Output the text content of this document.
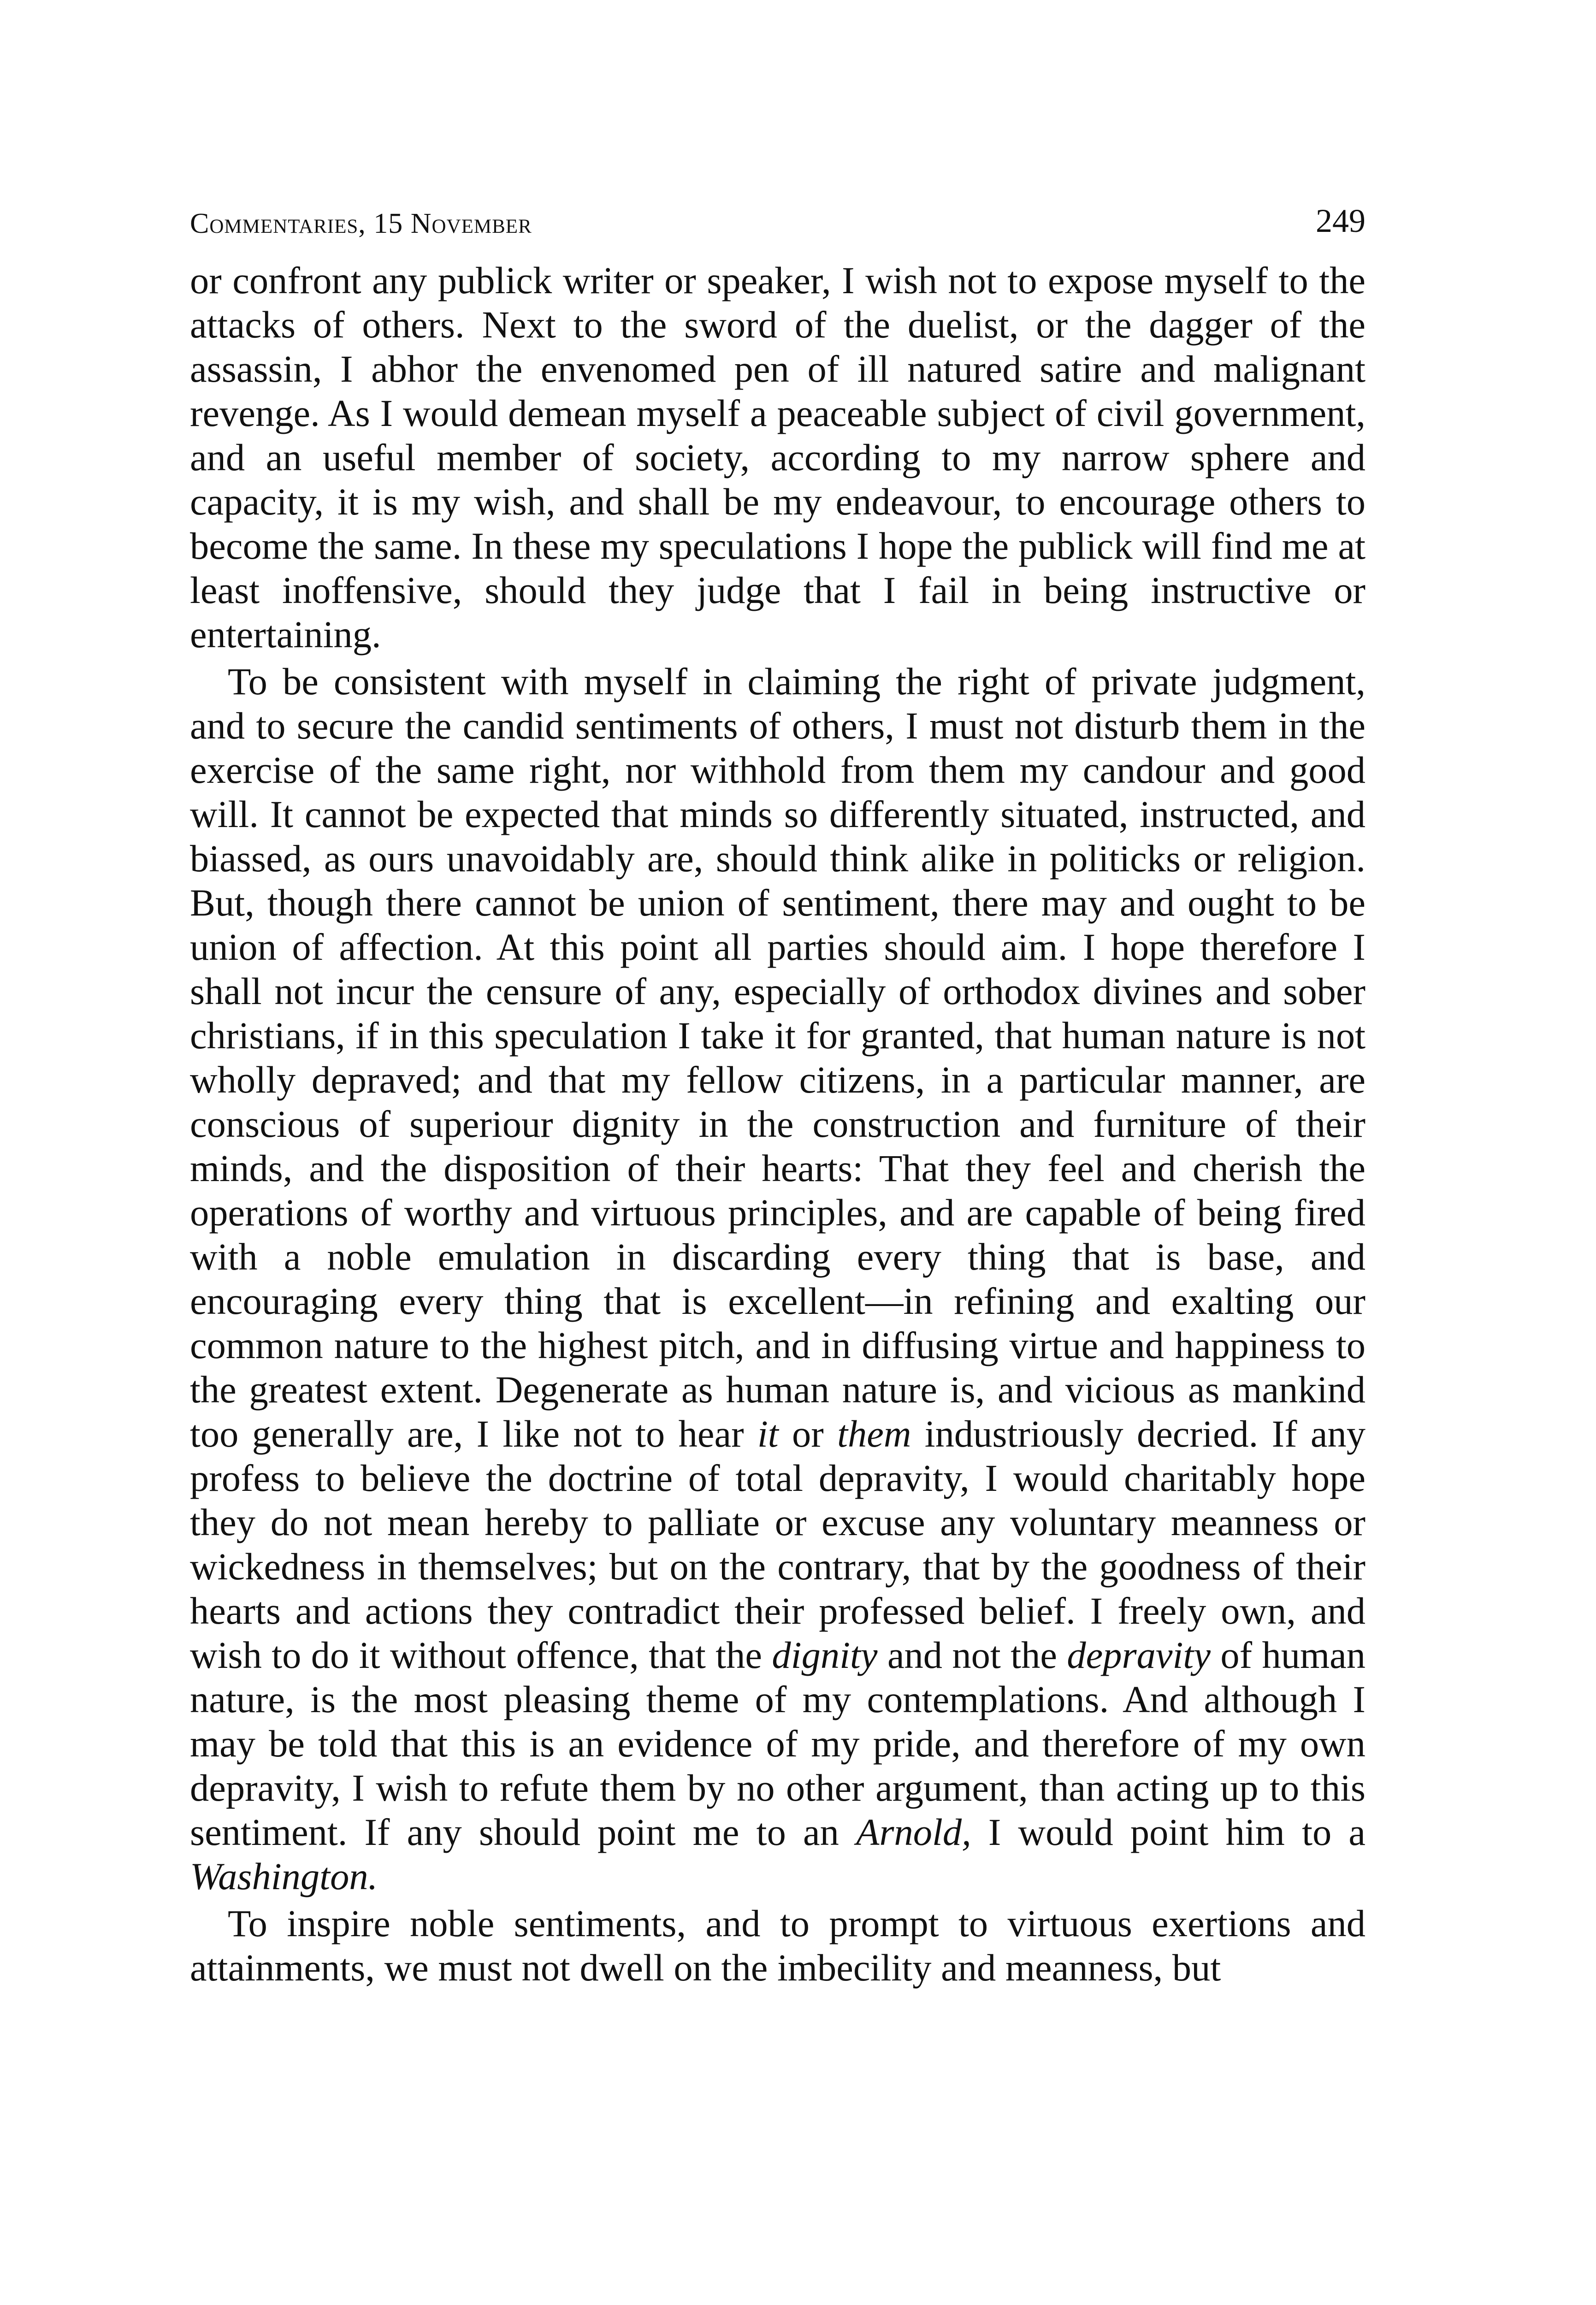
Commentaries, 15 November	249

or confront any publick writer or speaker, I wish not to expose myself to the attacks of others. Next to the sword of the duelist, or the dagger of the assassin, I abhor the envenomed pen of ill natured satire and malignant revenge. As I would demean myself a peaceable subject of civil government, and an useful member of society, according to my narrow sphere and capacity, it is my wish, and shall be my endeavour, to encourage others to become the same. In these my speculations I hope the publick will find me at least inoffensive, should they judge that I fail in being instructive or entertaining.

To be consistent with myself in claiming the right of private judgment, and to secure the candid sentiments of others, I must not disturb them in the exercise of the same right, nor withhold from them my candour and good will. It cannot be expected that minds so differently situated, instructed, and biassed, as ours unavoidably are, should think alike in politicks or religion. But, though there cannot be union of sentiment, there may and ought to be union of affection. At this point all parties should aim. I hope therefore I shall not incur the censure of any, especially of orthodox divines and sober christians, if in this speculation I take it for granted, that human nature is not wholly depraved; and that my fellow citizens, in a particular manner, are conscious of superiour dignity in the construction and furniture of their minds, and the disposition of their hearts: That they feel and cherish the operations of worthy and virtuous principles, and are capable of being fired with a noble emulation in discarding every thing that is base, and encouraging every thing that is excellent—in refining and exalting our common nature to the highest pitch, and in diffusing virtue and happiness to the greatest extent. Degenerate as human nature is, and vicious as mankind too generally are, I like not to hear it or them industriously decried. If any profess to believe the doctrine of total depravity, I would charitably hope they do not mean hereby to palliate or excuse any voluntary meanness or wickedness in themselves; but on the contrary, that by the goodness of their hearts and actions they contradict their professed belief. I freely own, and wish to do it without offence, that the dignity and not the depravity of human nature, is the most pleasing theme of my contemplations. And although I may be told that this is an evidence of my pride, and therefore of my own depravity, I wish to refute them by no other argument, than acting up to this sentiment. If any should point me to an Arnold, I would point him to a Washington.

To inspire noble sentiments, and to prompt to virtuous exertions and attainments, we must not dwell on the imbecility and meanness, but
